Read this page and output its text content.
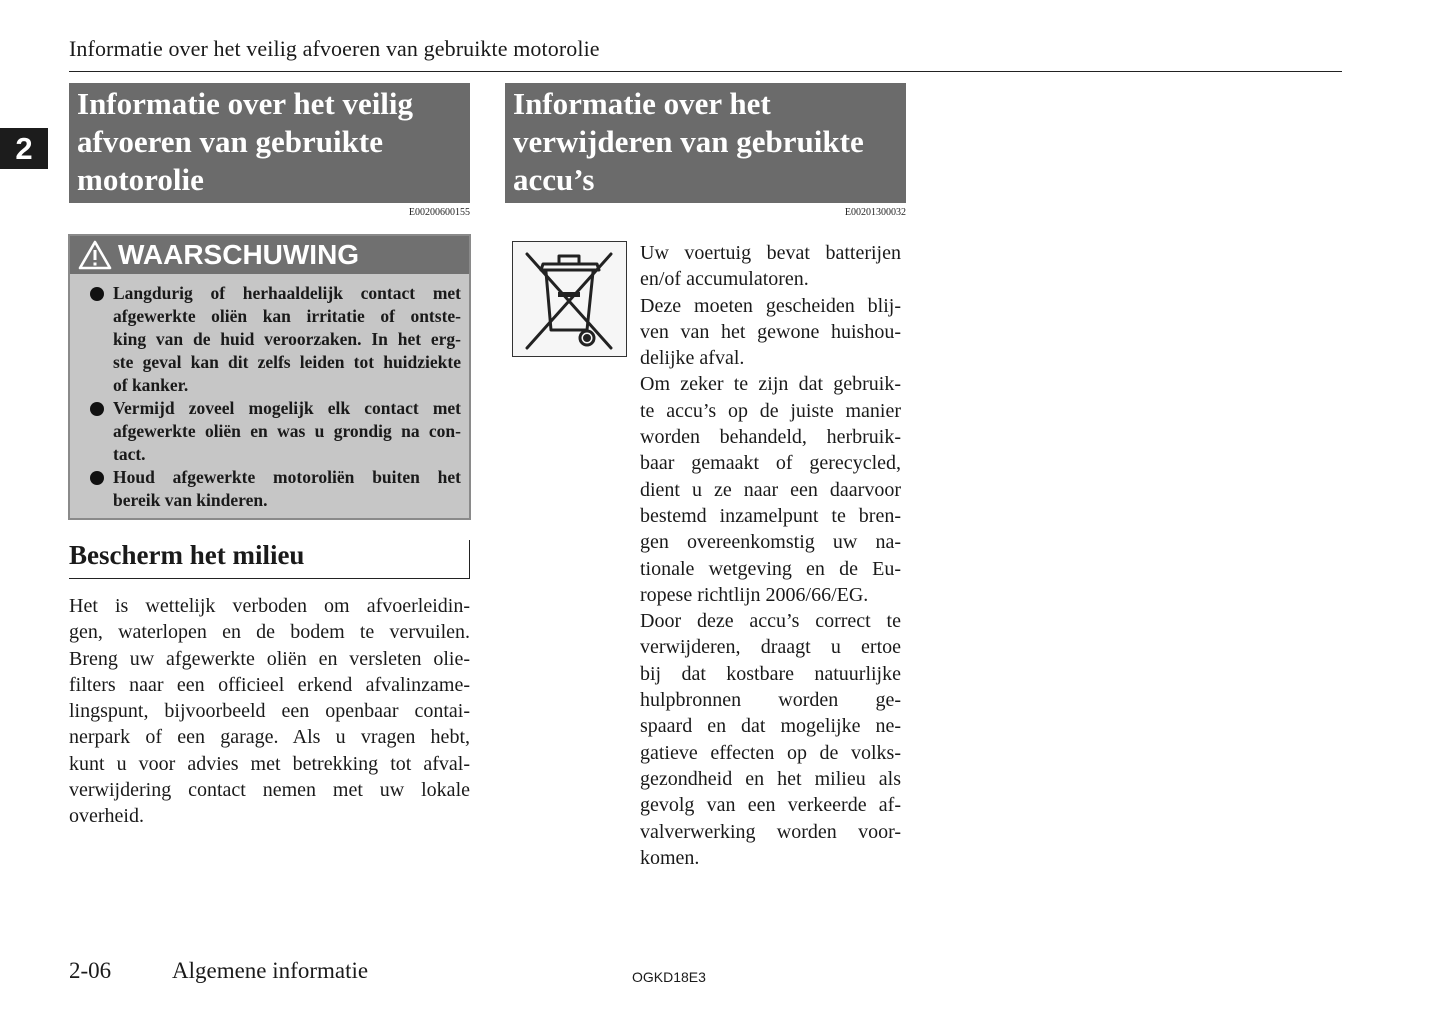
Informatie over het veilig afvoeren van gebruikte motorolie
2
Informatie over het veilig
afvoeren van gebruikte
motorolie
E00200600155
WAARSCHUWING
Langdurig of herhaaldelijk contact met
afgewerkte oliën kan irritatie of ontste-
king van de huid veroorzaken. In het erg-
ste geval kan dit zelfs leiden tot huidziekte
of kanker.
Vermijd zoveel mogelijk elk contact met
afgewerkte oliën en was u grondig na con-
tact.
Houd afgewerkte motoroliën buiten het
bereik van kinderen.
Bescherm het milieu
Het is wettelijk verboden om afvoerleidin-
gen, waterlopen en de bodem te vervuilen.
Breng uw afgewerkte oliën en versleten olie-
filters naar een officieel erkend afvalinzame-
lingspunt, bijvoorbeeld een openbaar contai-
nerpark of een garage. Als u vragen hebt,
kunt u voor advies met betrekking tot afval-
verwijdering contact nemen met uw lokale
overheid.
Informatie over het
verwijderen van gebruikte
accu’s
E00201300032
Uw voertuig bevat batterijen
en/of accumulatoren.
Deze moeten gescheiden blij-
ven van het gewone huishou-
delijke afval.
Om zeker te zijn dat gebruik-
te accu’s op de juiste manier
worden behandeld, herbruik-
baar gemaakt of gerecycled,
dient u ze naar een daarvoor
bestemd inzamelpunt te bren-
gen overeenkomstig uw na-
tionale wetgeving en de Eu-
ropese richtlijn 2006/66/EG.
Door deze accu’s correct te
verwijderen, draagt u ertoe
bij dat kostbare natuurlijke
hulpbronnen worden ge-
spaard en dat mogelijke ne-
gatieve effecten op de volks-
gezondheid en het milieu als
gevolg van een verkeerde af-
valverwerking worden voor-
komen.
2-06	Algemene informatie	OGKD18E3
